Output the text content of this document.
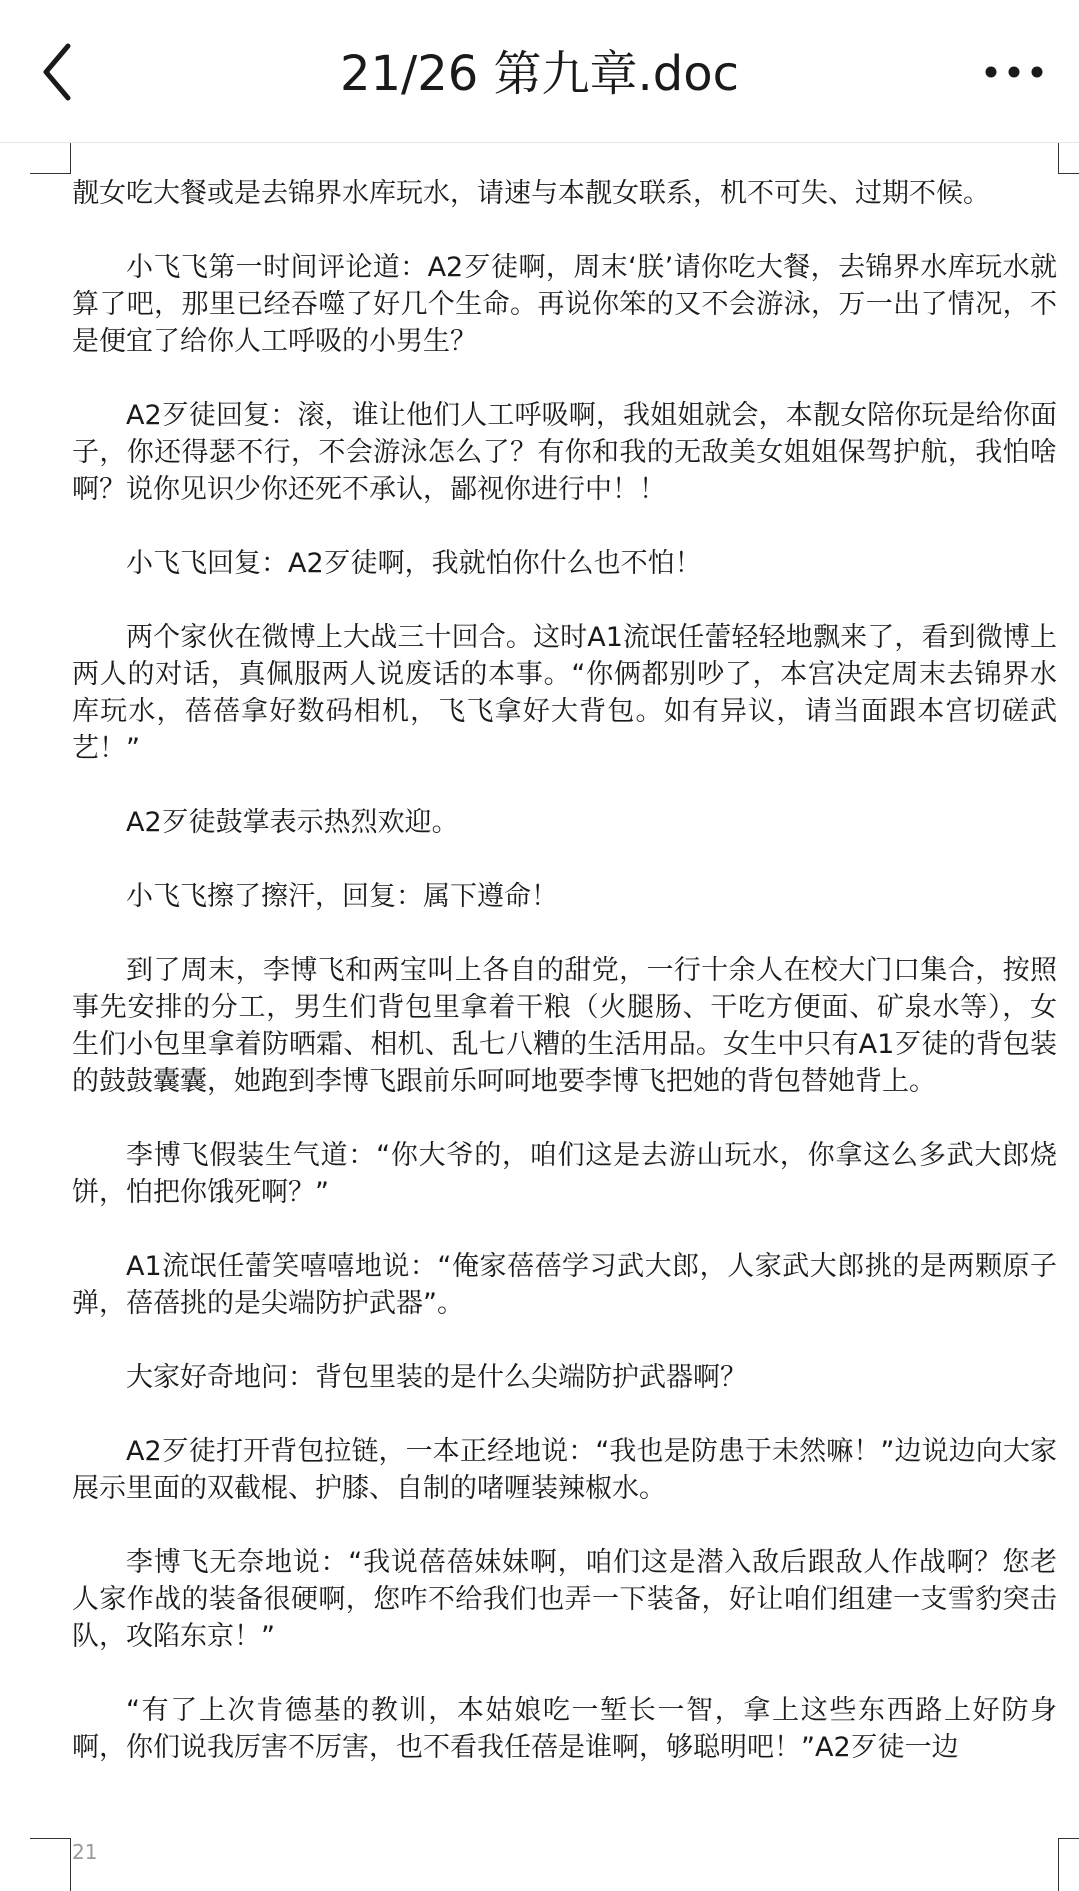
21/26 第九章.doc

靓女吃大餐或是去锦界水库玩水，请速与本靓女联系，机不可失、过期不候。

小飞飞第一时间评论道：A2歹徒啊，周末‘朕’请你吃大餐，去锦界水库玩水就算了吧，那里已经吞噬了好几个生命。再说你笨的又不会游泳，万一出了情况，不是便宜了给你人工呼吸的小男生？

A2歹徒回复：滚，谁让他们人工呼吸啊，我姐姐就会，本靓女陪你玩是给你面子，你还得瑟不行，不会游泳怎么了？有你和我的无敌美女姐姐保驾护航，我怕啥啊？说你见识少你还死不承认，鄙视你进行中！！

小飞飞回复：A2歹徒啊，我就怕你什么也不怕！

两个家伙在微博上大战三十回合。这时A1流氓任蕾轻轻地飘来了，看到微博上两人的对话，真佩服两人说废话的本事。“你俩都别吵了，本宫决定周末去锦界水库玩水，蓓蓓拿好数码相机，飞飞拿好大背包。如有异议，请当面跟本宫切磋武艺！”

A2歹徒鼓掌表示热烈欢迎。

小飞飞擦了擦汗，回复：属下遵命！

到了周末，李博飞和两宝叫上各自的甜党，一行十余人在校大门口集合，按照事先安排的分工，男生们背包里拿着干粮（火腿肠、干吃方便面、矿泉水等），女生们小包里拿着防晒霜、相机、乱七八糟的生活用品。女生中只有A1歹徒的背包装的鼓鼓囊囊，她跑到李博飞跟前乐呵呵地要李博飞把她的背包替她背上。

李博飞假装生气道：“你大爷的，咱们这是去游山玩水，你拿这么多武大郎烧饼，怕把你饿死啊？”

A1流氓任蕾笑嘻嘻地说：“俺家蓓蓓学习武大郎，人家武大郎挑的是两颗原子弹，蓓蓓挑的是尖端防护武器”。

大家好奇地问：背包里装的是什么尖端防护武器啊？

A2歹徒打开背包拉链，一本正经地说：“我也是防患于未然嘛！”边说边向大家展示里面的双截棍、护膝、自制的啫喱装辣椒水。

李博飞无奈地说：“我说蓓蓓妹妹啊，咱们这是潜入敌后跟敌人作战啊？您老人家作战的装备很硬啊，您咋不给我们也弄一下装备，好让咱们组建一支雪豹突击队，攻陷东京！”

“有了上次肯德基的教训，本姑娘吃一堑长一智，拿上这些东西路上好防身啊，你们说我厉害不厉害，也不看我任蓓是谁啊，够聪明吧！”A2歹徒一边

21
